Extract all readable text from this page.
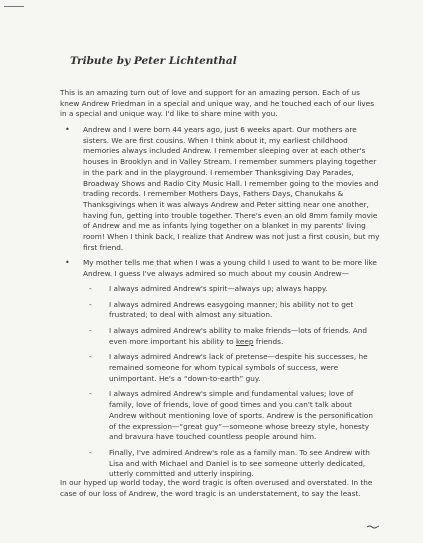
Tribute by Peter Lichtenthal

This is an amazing turn out of love and support for an amazing person. Each of us knew Andrew Friedman in a special and unique way, and he touched each of our lives in a special and unique way. I'd like to share mine with you.

• Andrew and I were born 44 years ago, just 6 weeks apart. Our mothers are sisters. We are first cousins. When I think about it, my earliest childhood memories always included Andrew. I remember sleeping over at each other's houses in Brooklyn and in Valley Stream. I remember summers playing together in the park and in the playground. I remember Thanksgiving Day Parades, Broadway Shows and Radio City Music Hall. I remember going to the movies and trading records. I remember Mothers Days, Fathers Days, Chanukahs & Thanksgivings when it was always Andrew and Peter sitting near one another, having fun, getting into trouble together. There's even an old 8mm family movie of Andrew and me as infants lying together on a blanket in my parents' living room! When I think back, I realize that Andrew was not just a first cousin, but my first friend.
• My mother tells me that when I was a young child I used to want to be more like Andrew. I guess I've always admired so much about my cousin Andrew—
- I always admired Andrew's spirit—always up; always happy.
- I always admired Andrews easygoing manner; his ability not to get frustrated; to deal with almost any situation.
- I always admired Andrew's ability to make friends—lots of friends. And even more important his ability to keep friends.
- I always admired Andrew's lack of pretense—despite his successes, he remained someone for whom typical symbols of success, were unimportant. He's a “down-to-earth” guy.
- I always admired Andrew's simple and fundamental values; love of family, love of friends, love of good times and you can't talk about Andrew without mentioning love of sports. Andrew is the personification of the expression—“great guy”—someone whose breezy style, honesty and bravura have touched countless people around him.
- Finally, I've admired Andrew's role as a family man. To see Andrew with Lisa and with Michael and Daniel is to see someone utterly dedicated, utterly committed and utterly inspiring.

In our hyped up world today, the word tragic is often overused and overstated. In the case of our loss of Andrew, the word tragic is an understatement, to say the least.
